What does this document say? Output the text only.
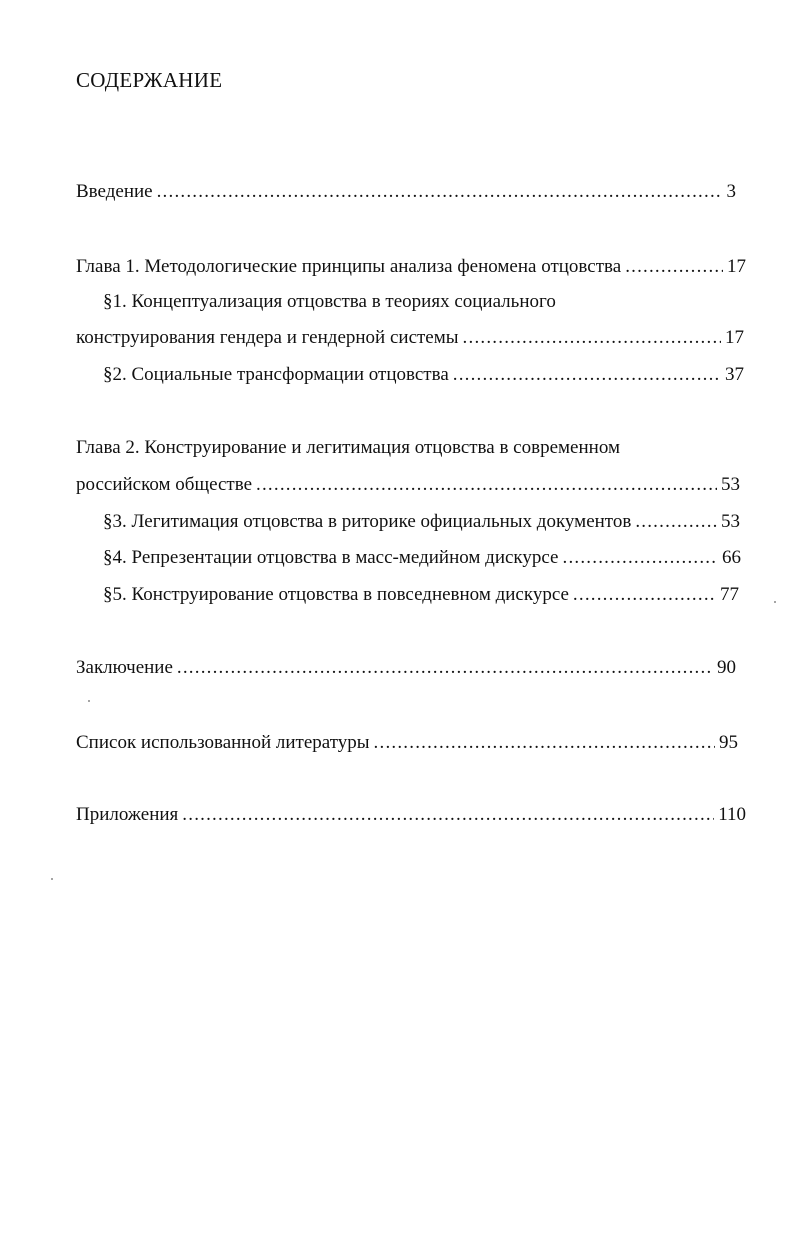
СОДЕРЖАНИЕ
Введение .....	3
Глава 1. Методологические принципы анализа феномена отцовства .....	17
§1. Концептуализация отцовства в теориях социального
конструирования гендера и гендерной системы .....	17
§2. Социальные трансформации отцовства .....	37
Глава 2. Конструирование и легитимация отцовства в современном
российском обществе .....	53
§3. Легитимация отцовства в риторике официальных документов .....	53
§4. Репрезентации отцовства в масс-медийном дискурсе .....	66
§5. Конструирование отцовства в повседневном дискурсе .....	77
Заключение .....	90
Список использованной литературы .....	95
Приложения .....	110
